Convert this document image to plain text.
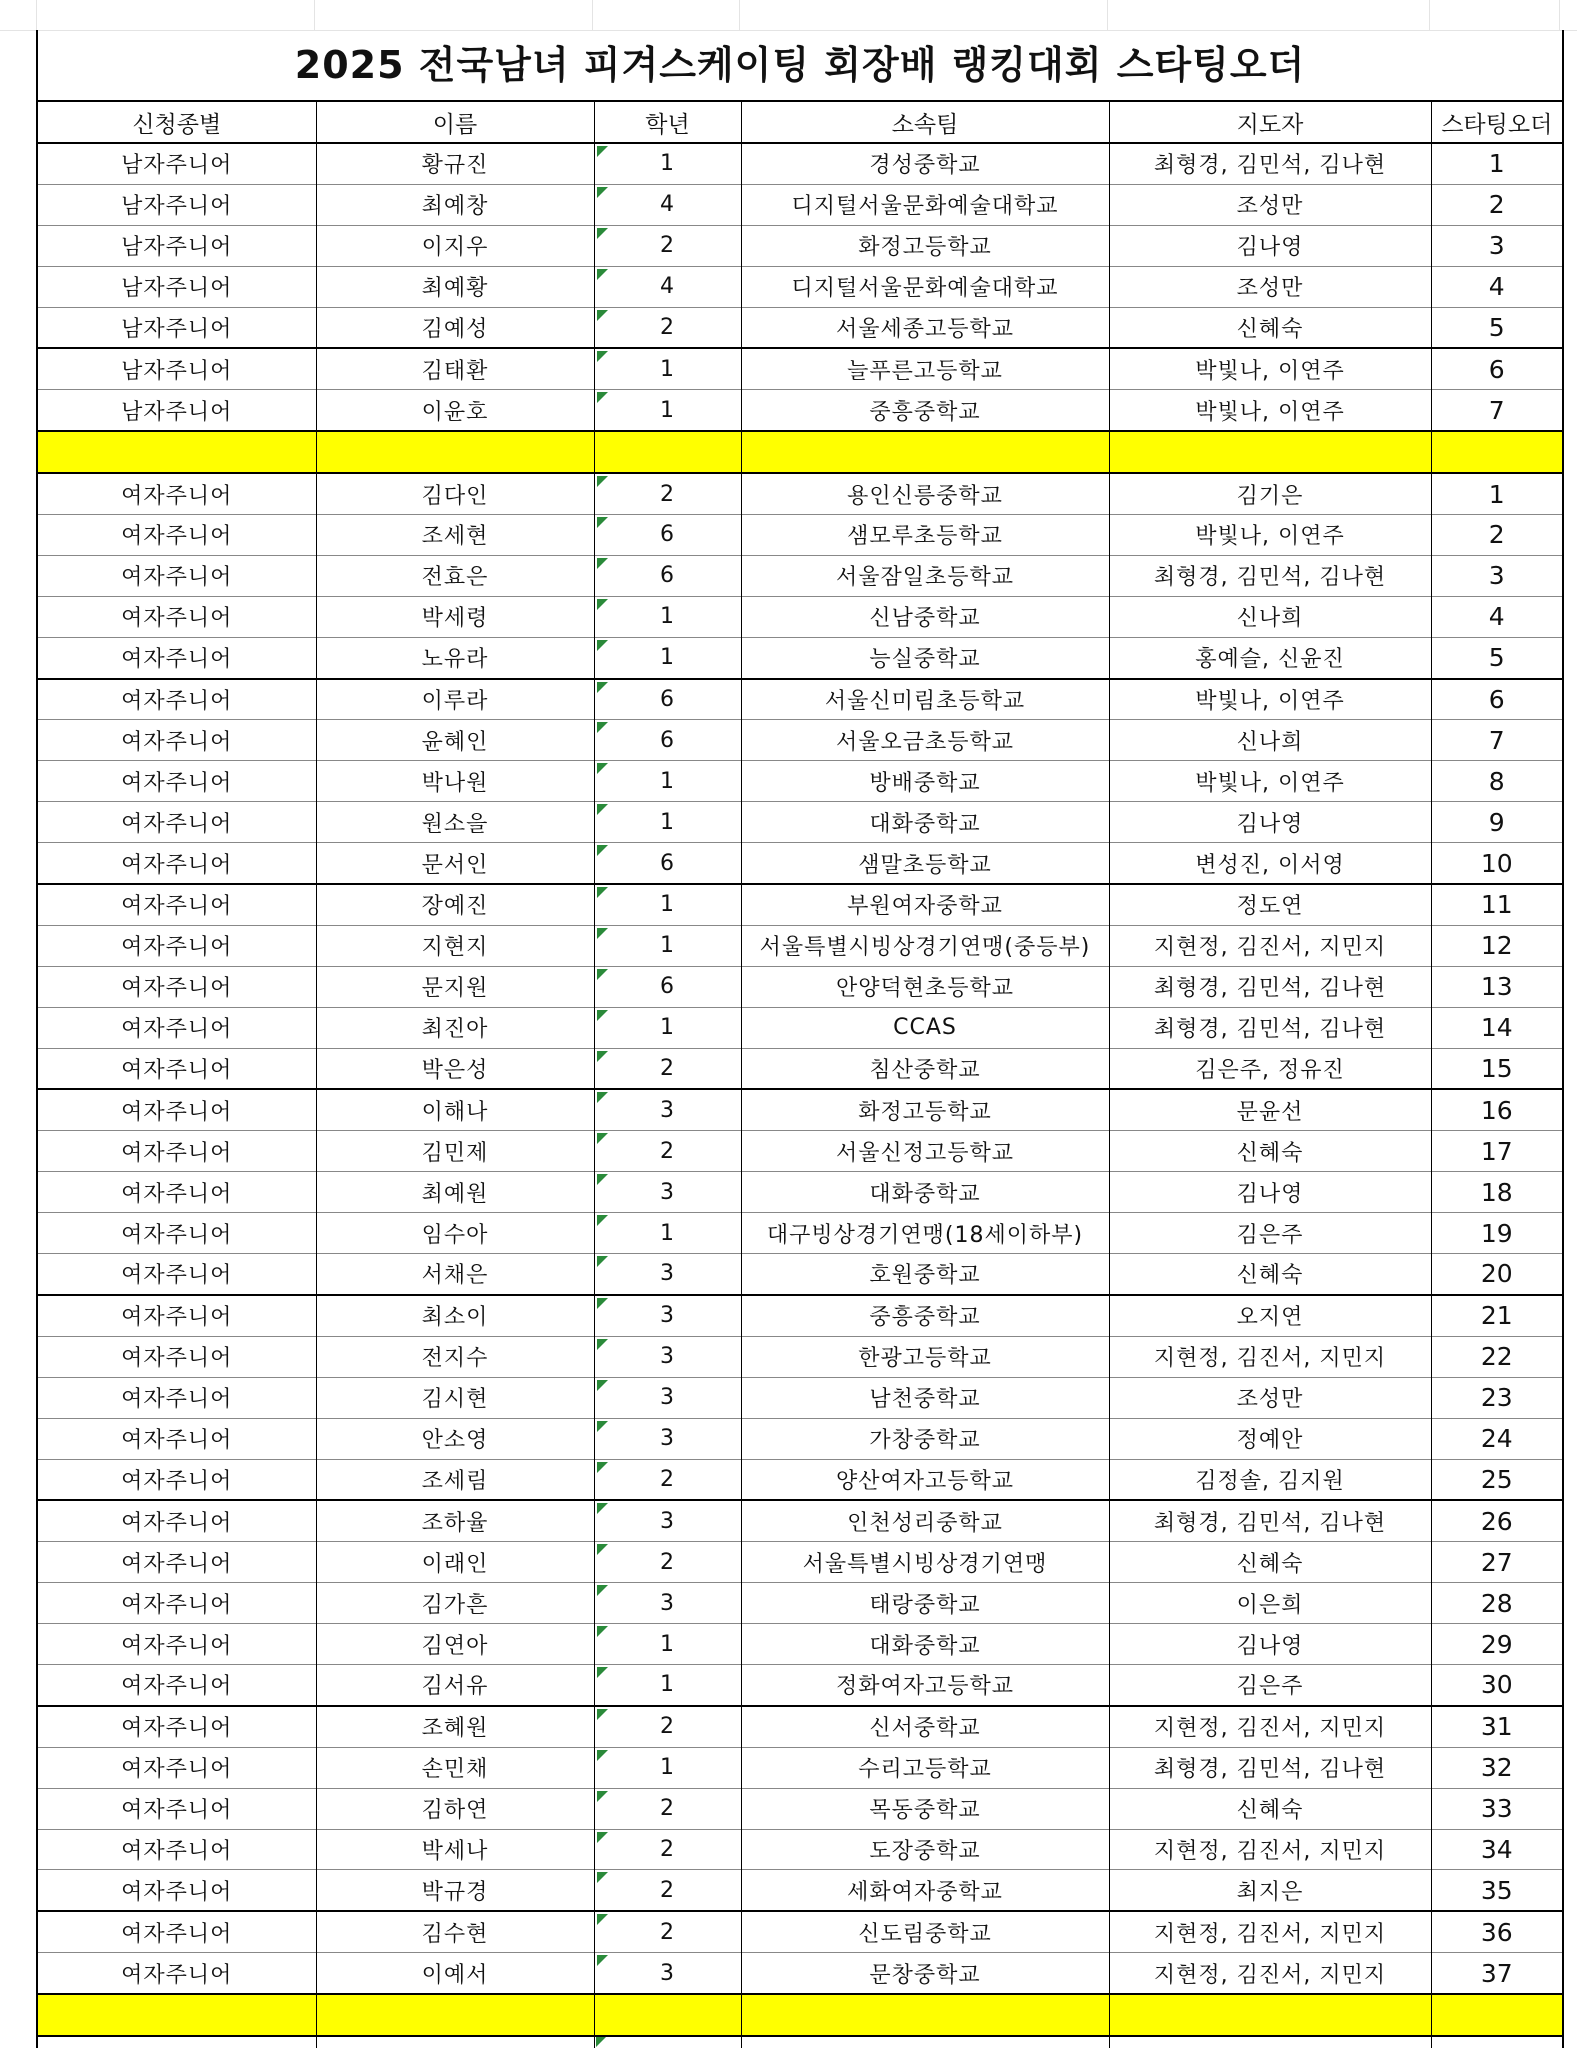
2025 전국남녀 피겨스케이팅 회장배 랭킹대회 스타팅오더
신청종별	이름	학년	소속팀	지도자	스타팅오더
남자주니어	황규진	1	경성중학교	최형경, 김민석, 김나현	1
남자주니어	최예창	4	디지털서울문화예술대학교	조성만	2
남자주니어	이지우	2	화정고등학교	김나영	3
남자주니어	최예황	4	디지털서울문화예술대학교	조성만	4
남자주니어	김예성	2	서울세종고등학교	신혜숙	5
남자주니어	김태환	1	늘푸른고등학교	박빛나, 이연주	6
남자주니어	이윤호	1	중흥중학교	박빛나, 이연주	7

여자주니어	김다인	2	용인신릉중학교	김기은	1
여자주니어	조세현	6	샘모루초등학교	박빛나, 이연주	2
여자주니어	전효은	6	서울잠일초등학교	최형경, 김민석, 김나현	3
여자주니어	박세령	1	신남중학교	신나희	4
여자주니어	노유라	1	능실중학교	홍예슬, 신윤진	5
여자주니어	이루라	6	서울신미림초등학교	박빛나, 이연주	6
여자주니어	윤혜인	6	서울오금초등학교	신나희	7
여자주니어	박나원	1	방배중학교	박빛나, 이연주	8
여자주니어	원소을	1	대화중학교	김나영	9
여자주니어	문서인	6	샘말초등학교	변성진, 이서영	10
여자주니어	장예진	1	부원여자중학교	정도연	11
여자주니어	지현지	1	서울특별시빙상경기연맹(중등부)	지현정, 김진서, 지민지	12
여자주니어	문지원	6	안양덕현초등학교	최형경, 김민석, 김나현	13
여자주니어	최진아	1	CCAS	최형경, 김민석, 김나현	14
여자주니어	박은성	2	침산중학교	김은주, 정유진	15
여자주니어	이해나	3	화정고등학교	문윤선	16
여자주니어	김민제	2	서울신정고등학교	신혜숙	17
여자주니어	최예원	3	대화중학교	김나영	18
여자주니어	임수아	1	대구빙상경기연맹(18세이하부)	김은주	19
여자주니어	서채은	3	호원중학교	신혜숙	20
여자주니어	최소이	3	중흥중학교	오지연	21
여자주니어	전지수	3	한광고등학교	지현정, 김진서, 지민지	22
여자주니어	김시현	3	남천중학교	조성만	23
여자주니어	안소영	3	가창중학교	정예안	24
여자주니어	조세림	2	양산여자고등학교	김정솔, 김지원	25
여자주니어	조하율	3	인천성리중학교	최형경, 김민석, 김나현	26
여자주니어	이래인	2	서울특별시빙상경기연맹	신혜숙	27
여자주니어	김가흔	3	태랑중학교	이은희	28
여자주니어	김연아	1	대화중학교	김나영	29
여자주니어	김서유	1	정화여자고등학교	김은주	30
여자주니어	조혜원	2	신서중학교	지현정, 김진서, 지민지	31
여자주니어	손민채	1	수리고등학교	최형경, 김민석, 김나현	32
여자주니어	김하연	2	목동중학교	신혜숙	33
여자주니어	박세나	2	도장중학교	지현정, 김진서, 지민지	34
여자주니어	박규경	2	세화여자중학교	최지은	35
여자주니어	김수현	2	신도림중학교	지현정, 김진서, 지민지	36
여자주니어	이예서	3	문창중학교	지현정, 김진서, 지민지	37
